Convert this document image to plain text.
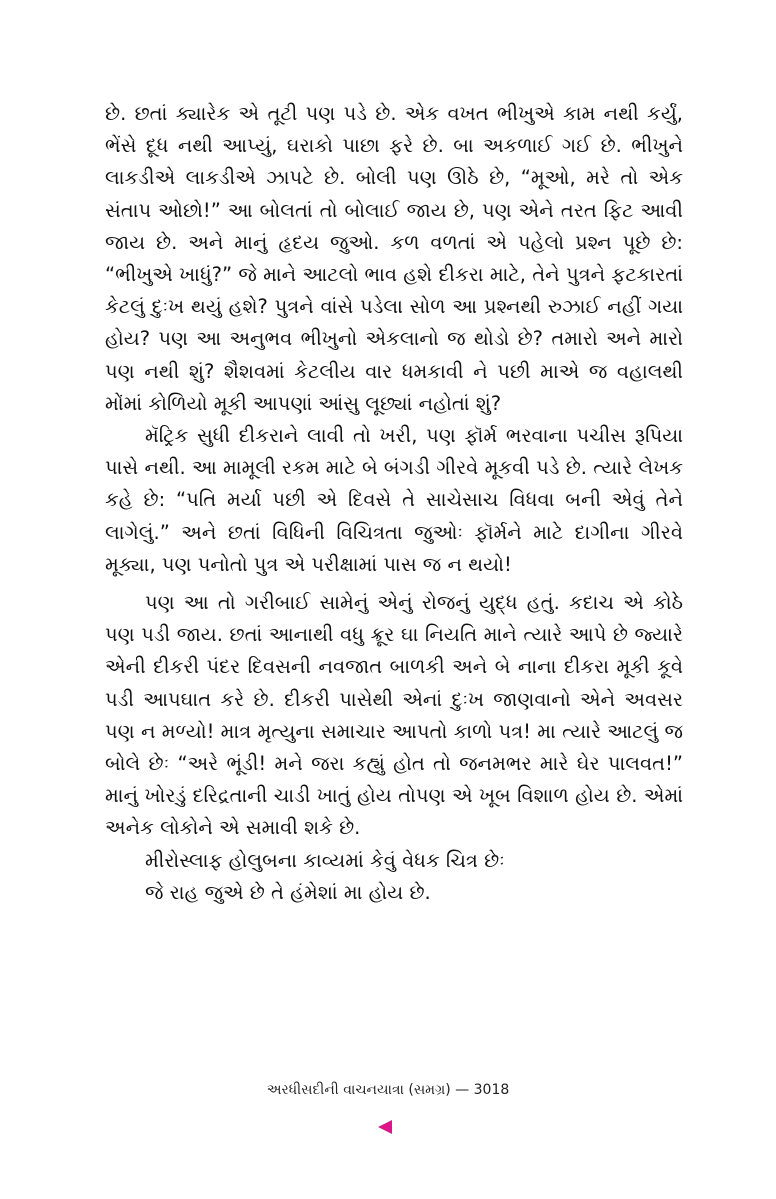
છે. છતાં ક્યારેક એ તૂટી પણ પડે છે. એક વખત ભીખુએ કામ નથી કર્યું, ભેંસે દૂધ નથી આપ્યું, ઘરાકો પાછા ફરે છે. બા અકળાઈ ગઈ છે. ભીખુને લાકડીએ લાકડીએ ઝાપટે છે. બોલી પણ ઊઠે છે, “મૂઓ, મરે તો એક સંતાપ ઓછો!” આ બોલતાં તો બોલાઈ જાય છે, પણ એને તરત ફિટ આવી જાય છે. અને માનું હૃદય જુઓ. કળ વળતાં એ પહેલો પ્રશ્ન પૂછે છે: “ભીખુએ ખાધું?” જે માને આટલો ભાવ હશે દીકરા માટે, તેને પુત્રને ફટકારતાં કેટલું દુઃખ થયું હશે? પુત્રને વાંસે પડેલા સોળ આ પ્રશ્નથી રુઝાઈ નહીં ગયા હોય? પણ આ અનુભવ ભીખુનો એકલાનો જ થોડો છે? તમારો અને મારો પણ નથી શું? શૈશવમાં કેટલીય વાર ધમકાવી ને પછી માએ જ વહાલથી મોંમાં કોળિયો મૂકી આપણાં આંસુ લૂછ્યાં નહોતાં શું?

મૅટ્રિક સુધી દીકરાને લાવી તો ખરી, પણ ફૉર્મ ભરવાના પચીસ રૂપિયા પાસે નથી. આ મામૂલી રકમ માટે બે બંગડી ગીરવે મૂકવી પડે છે. ત્યારે લેખક કહે છે: “પતિ મર્યા પછી એ દિવસે તે સાચેસાચ વિધવા બની એવું તેને લાગેલું.” અને છતાં વિધિની વિચિત્રતા જુઓઃ ફૉર્મને માટે દાગીના ગીરવે મૂક્યા, પણ પનોતો પુત્ર એ પરીક્ષામાં પાસ જ ન થયો!

પણ આ તો ગરીબાઈ સામેનું એનું રોજનું યુદ્ધ હતું. કદાચ એ કોઠે પણ પડી જાય. છતાં આનાથી વધુ ક્રૂર ઘા નિયતિ માને ત્યારે આપે છે જ્યારે એની દીકરી પંદર દિવસની નવજાત બાળકી અને બે નાના દીકરા મૂકી કૂવે પડી આપઘાત કરે છે. દીકરી પાસેથી એનાં દુઃખ જાણવાનો એને અવસર પણ ન મળ્યો! માત્ર મૃત્યુના સમાચાર આપતો કાળો પત્ર! મા ત્યારે આટલું જ બોલે છેઃ “અરે ભૂંડી! મને જરા કહ્યું હોત તો જનમભર મારે ઘેર પાલવત!” માનું ખોરડું દરિદ્રતાની ચાડી ખાતું હોય તોપણ એ ખૂબ વિશાળ હોય છે. એમાં અનેક લોકોને એ સમાવી શકે છે.

મીરોસ્લાફ હોલુબના કાવ્યમાં કેવું વેધક ચિત્ર છેઃ

જે રાહ જુએ છે તે હંમેશાં મા હોય છે.

અરધીસદીની વાચનયાત્રા (સમગ્ર) — 3018
